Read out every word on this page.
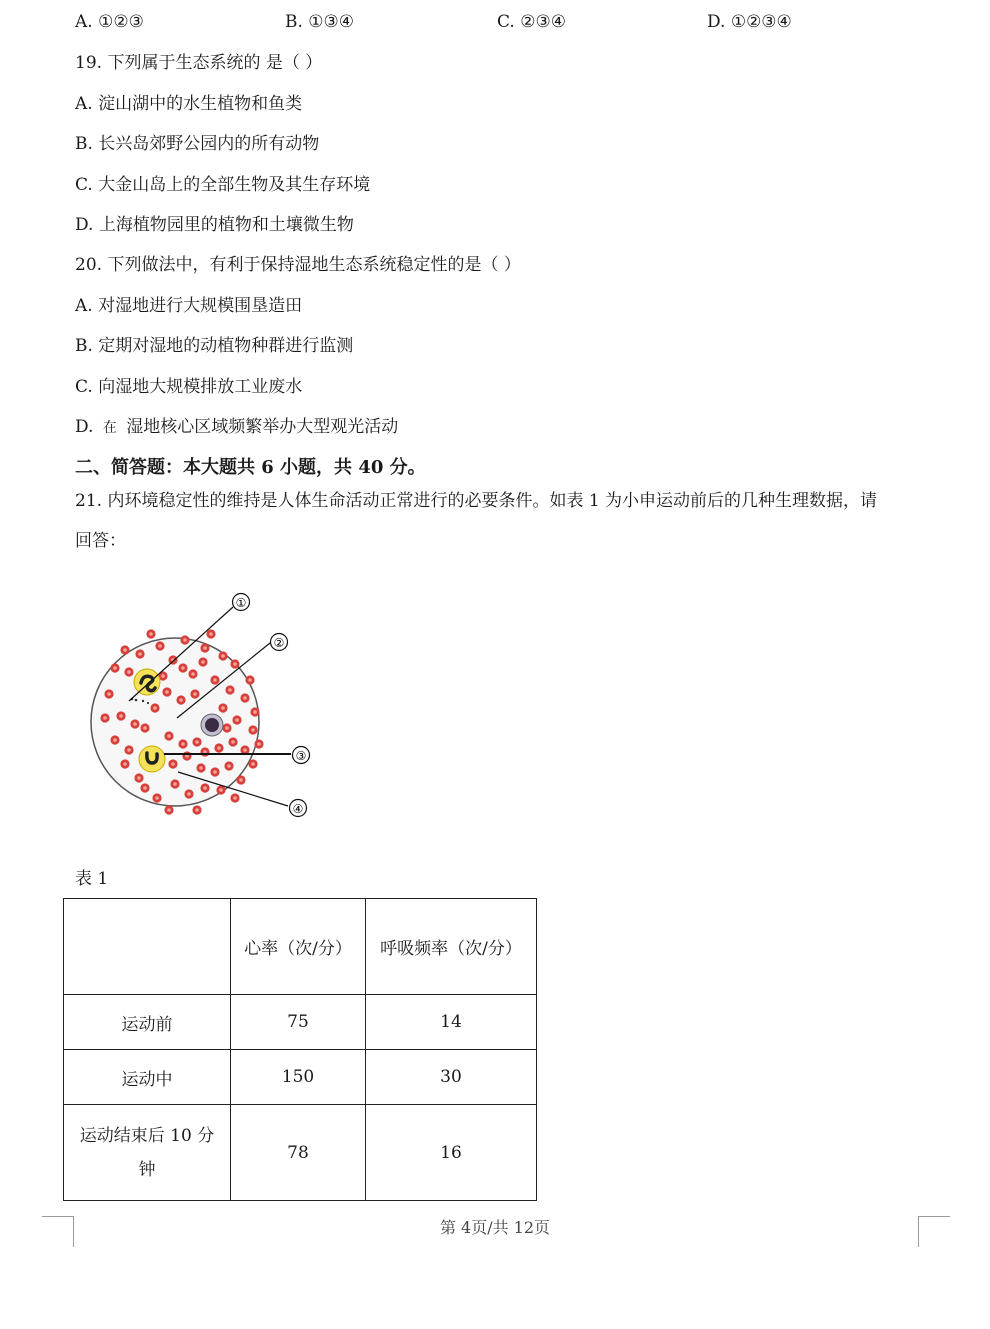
A. ①②③	B. ①③④	C. ②③④	D. ①②③④
19. 下列属于生态系统的 是（ ）
A. 淀山湖中的水生植物和鱼类
B. 长兴岛郊野公园内的所有动物
C. 大金山岛上的全部生物及其生存环境
D. 上海植物园里的植物和土壤微生物
20. 下列做法中，有利于保持湿地生态系统稳定性的是（ ）
A. 对湿地进行大规模围垦造田
B. 定期对湿地的动植物种群进行监测
C. 向湿地大规模排放工业废水
D. 在 湿地核心区域频繁举办大型观光活动
二、简答题：本大题共 6 小题，共 40 分。
21. 内环境稳定性的维持是人体生命活动正常进行的必要条件。如表 1 为小申运动前后的几种生理数据，请
回答：
①
②
③
④
表 1
	心率（次/分）	呼吸频率（次/分）
运动前	75	14
运动中	150	30

运动结束后 10 分
钟	78	16
第 4页/共 12页
